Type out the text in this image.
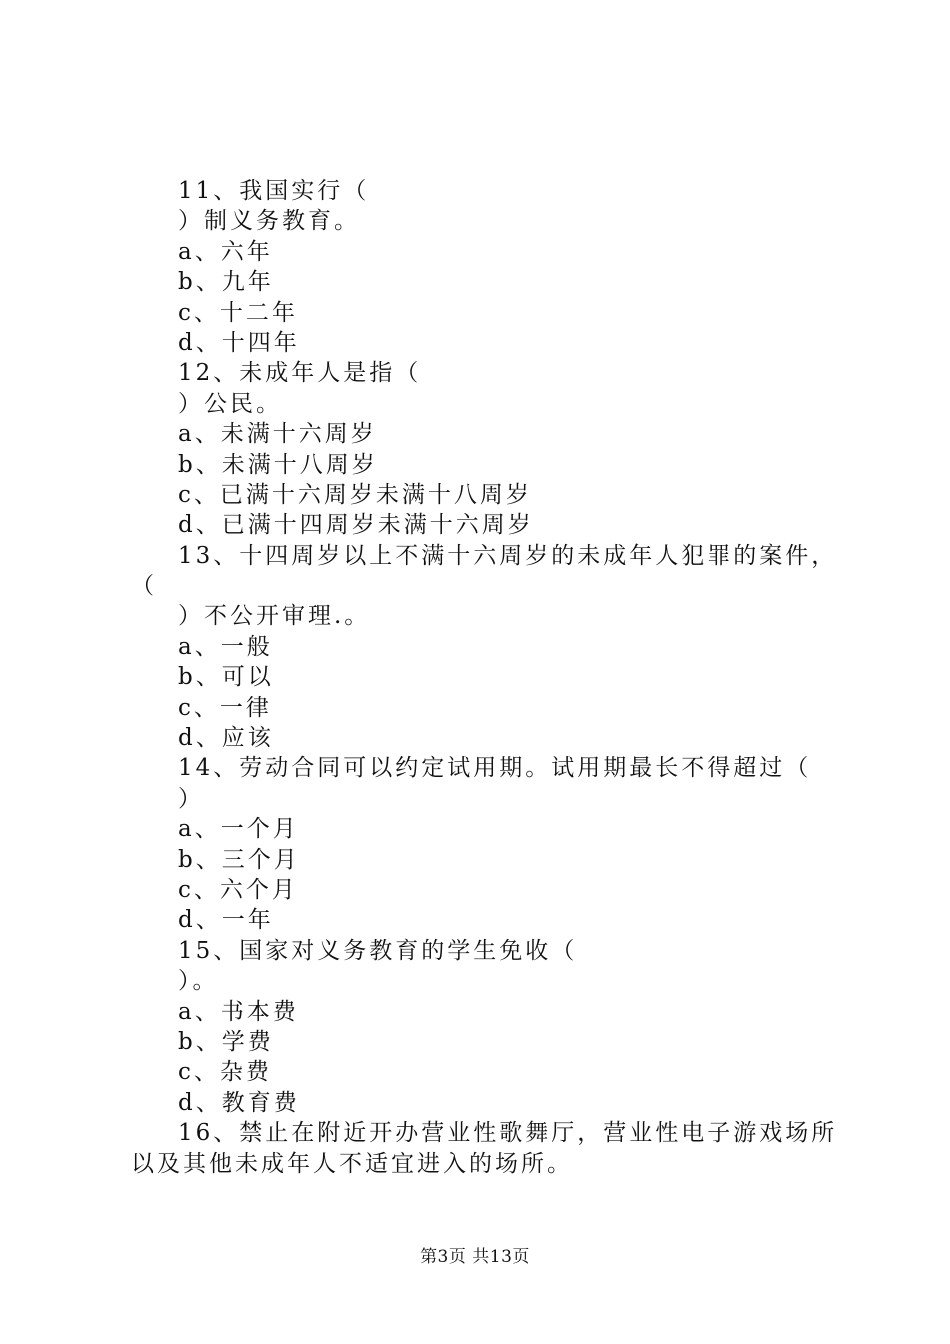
11、我国实行（
）制义务教育。
a、六年
b、九年
c、十二年
d、十四年
12、未成年人是指（
）公民。
a、未满十六周岁
b、未满十八周岁
c、已满十六周岁未满十八周岁
d、已满十四周岁未满十六周岁
13、十四周岁以上不满十六周岁的未成年人犯罪的案件，
（
）不公开审理.。
a、一般
b、可以
c、一律
d、应该
14、劳动合同可以约定试用期。试用期最长不得超过（
）
a、一个月
b、三个月
c、六个月
d、一年
15、国家对义务教育的学生免收（
）。
a、书本费
b、学费
c、杂费
d、教育费
16、禁止在附近开办营业性歌舞厅，营业性电子游戏场所
以及其他未成年人不适宜进入的场所。
第3页 共13页
